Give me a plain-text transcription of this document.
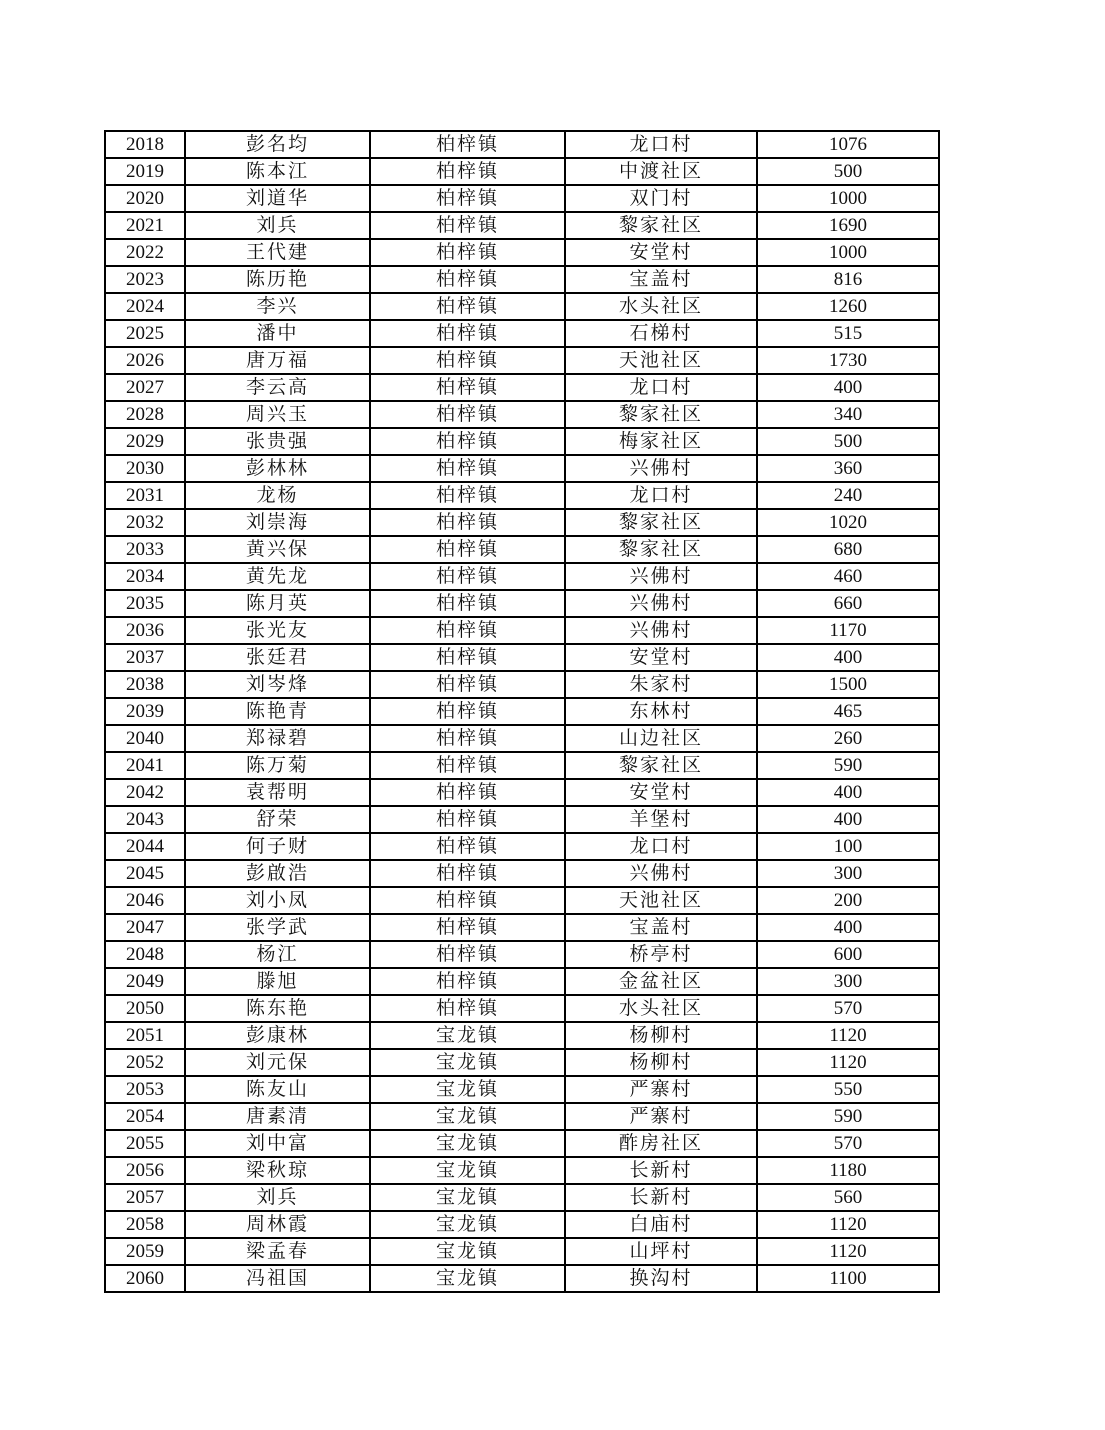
2018	彭名均	柏梓镇	龙口村	1076
2019	陈本江	柏梓镇	中渡社区	500
2020	刘道华	柏梓镇	双门村	1000
2021	刘兵	柏梓镇	黎家社区	1690
2022	王代建	柏梓镇	安堂村	1000
2023	陈历艳	柏梓镇	宝盖村	816
2024	李兴	柏梓镇	水头社区	1260
2025	潘中	柏梓镇	石梯村	515
2026	唐万福	柏梓镇	天池社区	1730
2027	李云高	柏梓镇	龙口村	400
2028	周兴玉	柏梓镇	黎家社区	340
2029	张贵强	柏梓镇	梅家社区	500
2030	彭林林	柏梓镇	兴佛村	360
2031	龙杨	柏梓镇	龙口村	240
2032	刘崇海	柏梓镇	黎家社区	1020
2033	黄兴保	柏梓镇	黎家社区	680
2034	黄先龙	柏梓镇	兴佛村	460
2035	陈月英	柏梓镇	兴佛村	660
2036	张光友	柏梓镇	兴佛村	1170
2037	张廷君	柏梓镇	安堂村	400
2038	刘岑烽	柏梓镇	朱家村	1500
2039	陈艳青	柏梓镇	东林村	465
2040	郑禄碧	柏梓镇	山边社区	260
2041	陈万菊	柏梓镇	黎家社区	590
2042	袁帮明	柏梓镇	安堂村	400
2043	舒荣	柏梓镇	羊堡村	400
2044	何子财	柏梓镇	龙口村	100
2045	彭啟浩	柏梓镇	兴佛村	300
2046	刘小凤	柏梓镇	天池社区	200
2047	张学武	柏梓镇	宝盖村	400
2048	杨江	柏梓镇	桥亭村	600
2049	滕旭	柏梓镇	金盆社区	300
2050	陈东艳	柏梓镇	水头社区	570
2051	彭康林	宝龙镇	杨柳村	1120
2052	刘元保	宝龙镇	杨柳村	1120
2053	陈友山	宝龙镇	严寨村	550
2054	唐素清	宝龙镇	严寨村	590
2055	刘中富	宝龙镇	酢房社区	570
2056	梁秋琼	宝龙镇	长新村	1180
2057	刘兵	宝龙镇	长新村	560
2058	周林霞	宝龙镇	白庙村	1120
2059	梁孟春	宝龙镇	山坪村	1120
2060	冯祖国	宝龙镇	换沟村	1100
